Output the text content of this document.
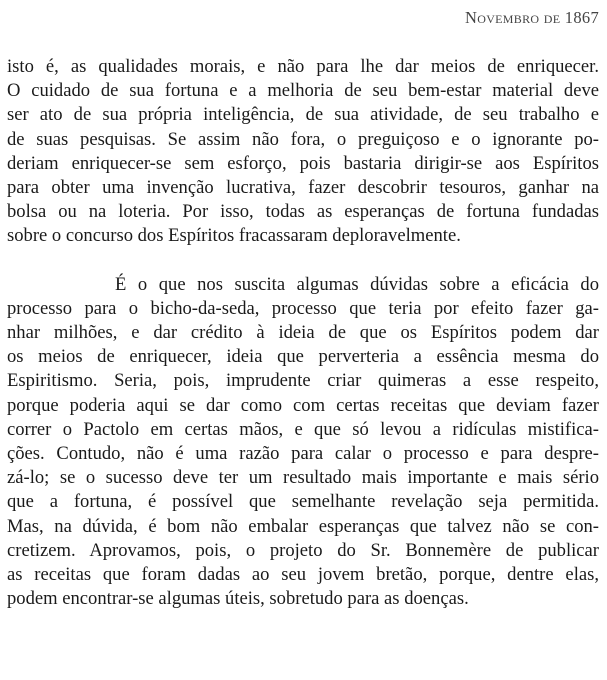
Novembro de 1867
isto é, as qualidades morais, e não para lhe dar meios de enriquecer.
O cuidado de sua fortuna e a melhoria de seu bem-estar material deve
ser ato de sua própria inteligência, de sua atividade, de seu trabalho e
de suas pesquisas. Se assim não fora, o preguiçoso e o ignorante po-
deriam enriquecer-se sem esforço, pois bastaria dirigir-se aos Espíritos
para obter uma invenção lucrativa, fazer descobrir tesouros, ganhar na
bolsa ou na loteria. Por isso, todas as esperanças de fortuna fundadas
sobre o concurso dos Espíritos fracassaram deploravelmente.
É o que nos suscita algumas dúvidas sobre a eficácia do
processo para o bicho-da-seda, processo que teria por efeito fazer ga-
nhar milhões, e dar crédito à ideia de que os Espíritos podem dar
os meios de enriquecer, ideia que perverteria a essência mesma do
Espiritismo. Seria, pois, imprudente criar quimeras a esse respeito,
porque poderia aqui se dar como com certas receitas que deviam fazer
correr o Pactolo em certas mãos, e que só levou a ridículas mistifica-
ções. Contudo, não é uma razão para calar o processo e para despre-
zá-lo; se o sucesso deve ter um resultado mais importante e mais sério
que a fortuna, é possível que semelhante revelação seja permitida.
Mas, na dúvida, é bom não embalar esperanças que talvez não se con-
cretizem. Aprovamos, pois, o projeto do Sr. Bonnemère de publicar
as receitas que foram dadas ao seu jovem bretão, porque, dentre elas,
podem encontrar-se algumas úteis, sobretudo para as doenças.
